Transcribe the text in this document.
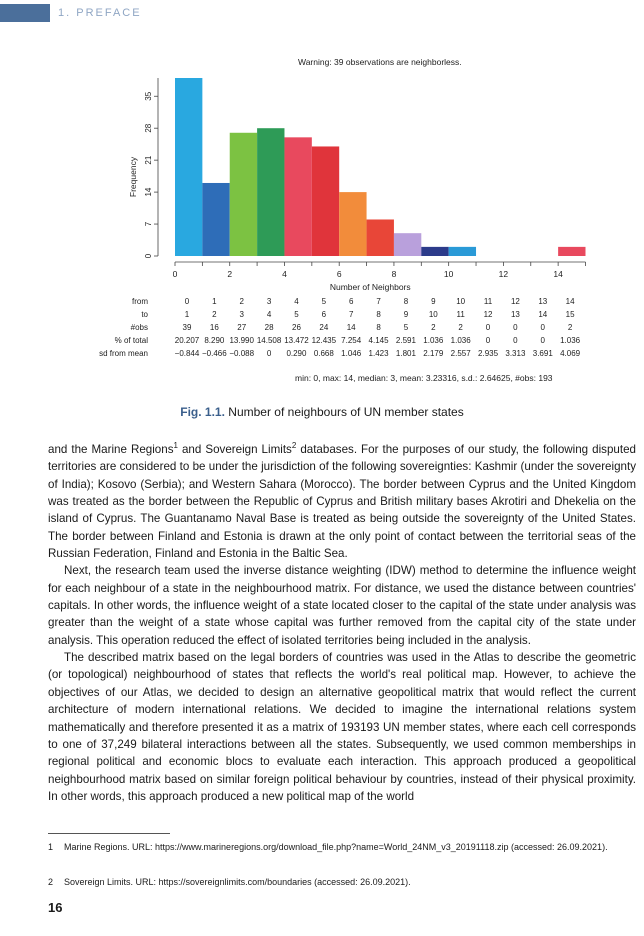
1. PREFACE
Warning: 39 observations are neighborless.
0
7
14
21
28
35
Frequency
0	2	4	6	8	10	12	14
Number of Neighbors
from	0	1	2	3	4	5	6	7	8	9	10	11	12	13	14
to	1	2	3	4	5	6	7	8	9	10	11	12	13	14	15
#obs	39	16	27	28	26	24	14	8	5	2	2	0	0	0	2
% of total	20.207 8.290 13.990 14.508 13.472 12.435 7.254 4.145 2.591 1.036 1.036	0	0	0	1.036
sd from mean	−0.844 −0.466 −0.088	0	0.290 0.668 1.046 1.423 1.801 2.179 2.557 2.935 3.313 3.691 4.069
min: 0, max: 14, median: 3, mean: 3.23316, s.d.: 2.64625, #obs: 193
Fig. 1.1. Number of neighbours of UN member states

and the Marine Regions$^1$ and Sovereign Limits$^2$ databases. For the purposes of our study, the following disputed territories are considered to be under the jurisdiction of the following sovereignties: Kashmir (under the sovereignty of India); Kosovo (Serbia); and Western Sahara (Morocco). The border between Cyprus and the United Kingdom was treated as the border between the Republic of Cyprus and British military bases Akrotiri and Dhekelia on the island of Cyprus. The Guantanamo Naval Base is treated as being outside the sovereignty of the United States. The border between Finland and Estonia is drawn at the only point of contact between the territorial seas of the Russian Federation, Finland and Estonia in the Baltic Sea.

Next, the research team used the inverse distance weighting (IDW) method to determine the influence weight for each neighbour of a state in the neighbourhood matrix. For distance, we used the distance between countries' capitals. In other words, the influence weight of a state located closer to the capital of the state under analysis was greater than the weight of a state whose capital was further removed from the capital city of the state under analysis. This operation reduced the effect of isolated territories being included in the analysis.

The described matrix based on the legal borders of countries was used in the Atlas to describe the geometric (or topological) neighbourhood of states that reflects the world's real political map. However, to achieve the objectives of our Atlas, we decided to design an alternative geopolitical matrix that would reflect the current architecture of modern international relations. We decided to imagine the international relations system mathematically and therefore presented it as a matrix of 193193 UN member states, where each cell corresponds to one of 37,249 bilateral interactions between all the states. Subsequently, we used common memberships in regional political and economic blocs to evaluate each interaction. This approach produced a geopolitical neighbourhood matrix based on similar foreign political behaviour by countries, instead of their physical proximity. In other words, this approach produced a new political map of the world

1 Marine Regions. URL: https://www.marineregions.org/download_file.php?name=World_24NM_v3_20191118.zip (accessed: 26.09.2021).
2 Sovereign Limits. URL: https://sovereignlimits.com/boundaries (accessed: 26.09.2021).
16
